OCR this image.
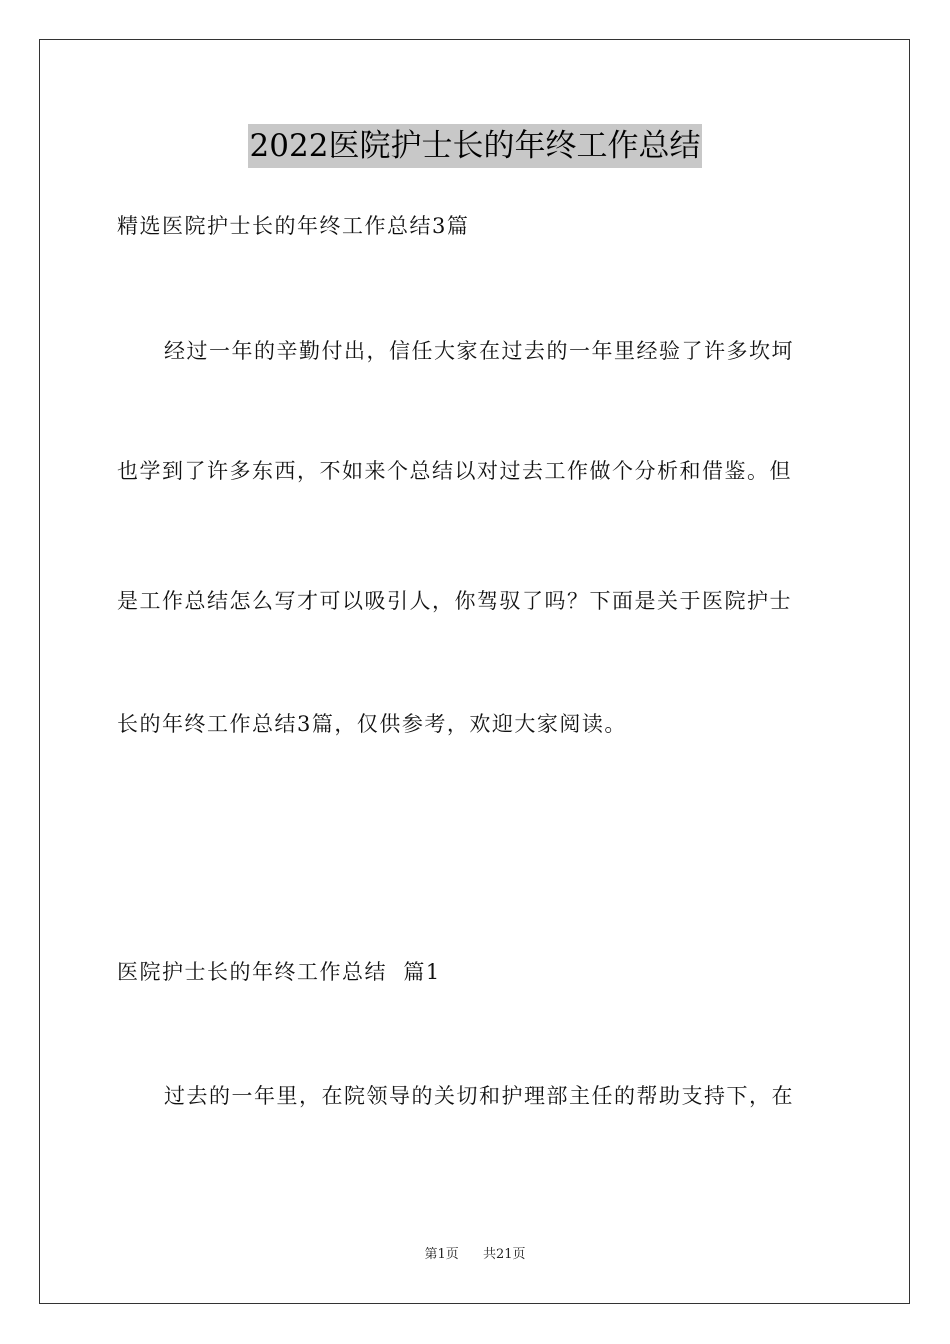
2022医院护士长的年终工作总结
精选医院护士长的年终工作总结3篇
经过一年的辛勤付出，信任大家在过去的一年里经验了许多坎坷
也学到了许多东西，不如来个总结以对过去工作做个分析和借鉴。但
是工作总结怎么写才可以吸引人，你驾驭了吗？下面是关于医院护士
长的年终工作总结3篇，仅供参考，欢迎大家阅读。
医院护士长的年终工作总结  篇1
过去的一年里，在院领导的关切和护理部主任的帮助支持下，在
第1页 共21页
